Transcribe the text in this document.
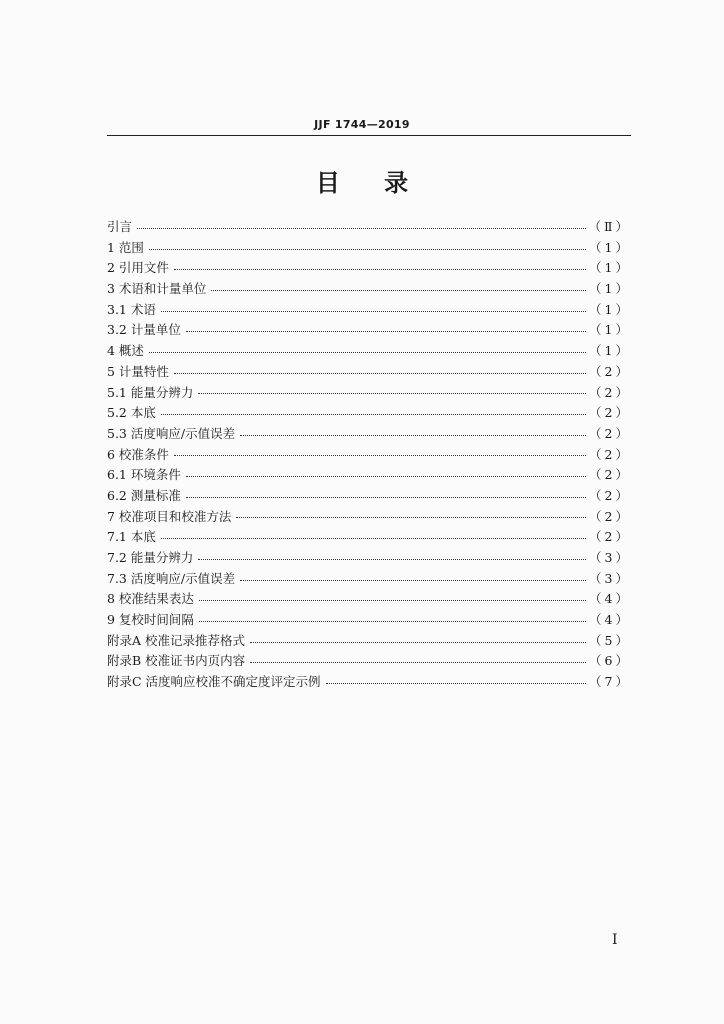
JJF 1744—2019
目 录
引言	（Ⅱ）
1 范围	（1）
2 引用文件	（1）
3 术语和计量单位	（1）
3.1 术语	（1）
3.2 计量单位	（1）
4 概述	（1）
5 计量特性	（2）
5.1 能量分辨力	（2）
5.2 本底	（2）
5.3 活度响应/示值误差	（2）
6 校准条件	（2）
6.1 环境条件	（2）
6.2 测量标准	（2）
7 校准项目和校准方法	（2）
7.1 本底	（2）
7.2 能量分辨力	（3）
7.3 活度响应/示值误差	（3）
8 校准结果表达	（4）
9 复校时间间隔	（4）
附录A 校准记录推荐格式	（5）
附录B 校准证书内页内容	（6）
附录C 活度响应校准不确定度评定示例	（7）
I
